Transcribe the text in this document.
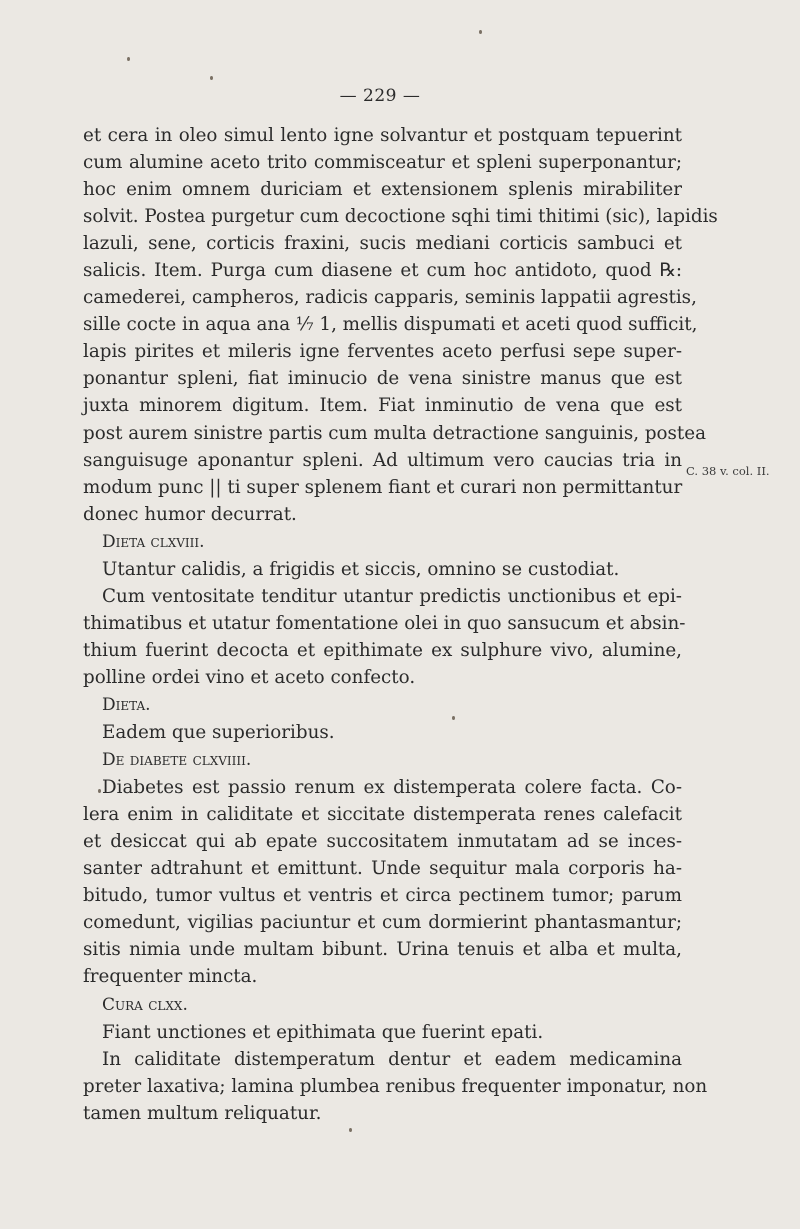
— 229 —
et cera in oleo simul lento igne solvantur et postquam tepuerint
cum alumine aceto trito commisceatur et spleni superponantur;
hoc enim omnem duriciam et extensionem splenis mirabiliter
solvit. Postea purgetur cum decoctione sqhi timi thitimi (sic), lapidis
lazuli, sene, corticis fraxini, sucis mediani corticis sambuci et
salicis. Item. Purga cum diasene et cum hoc antidoto, quod ℞:
camederei, campheros, radicis capparis, seminis lappatii agrestis,
sille cocte in aqua ana ⅟₇ 1, mellis dispumati et aceti quod sufficit,
lapis pirites et mileris igne ferventes aceto perfusi sepe super-
ponantur spleni, fiat iminucio de vena sinistre manus que est
juxta minorem digitum. Item. Fiat inminutio de vena que est
post aurem sinistre partis cum multa detractione sanguinis, postea
sanguisuge aponantur spleni. Ad ultimum vero caucias tria in
modum punc || ti super splenem fiant et curari non permittantur
donec humor decurrat.
Dieta clxviii.
Utantur calidis, a frigidis et siccis, omnino se custodiat.
Cum ventositate tenditur utantur predictis unctionibus et epi-
thimatibus et utatur fomentatione olei in quo sansucum et absin-
thium fuerint decocta et epithimate ex sulphure vivo, alumine,
polline ordei vino et aceto confecto.
Dieta.
Eadem que superioribus.
De diabete clxviiii.
Diabetes est passio renum ex distemperata colere facta. Co-
lera enim in caliditate et siccitate distemperata renes calefacit
et desiccat qui ab epate succositatem inmutatam ad se inces-
santer adtrahunt et emittunt. Unde sequitur mala corporis ha-
bitudo, tumor vultus et ventris et circa pectinem tumor; parum
comedunt, vigilias paciuntur et cum dormierint phantasmantur;
sitis nimia unde multam bibunt. Urina tenuis et alba et multa,
frequenter mincta.
Cura clxx.
Fiant unctiones et epithimata que fuerint epati.
In caliditate distemperatum dentur et eadem medicamina
preter laxativa; lamina plumbea renibus frequenter imponatur, non
tamen multum reliquatur.
C. 38 v. col. II.
